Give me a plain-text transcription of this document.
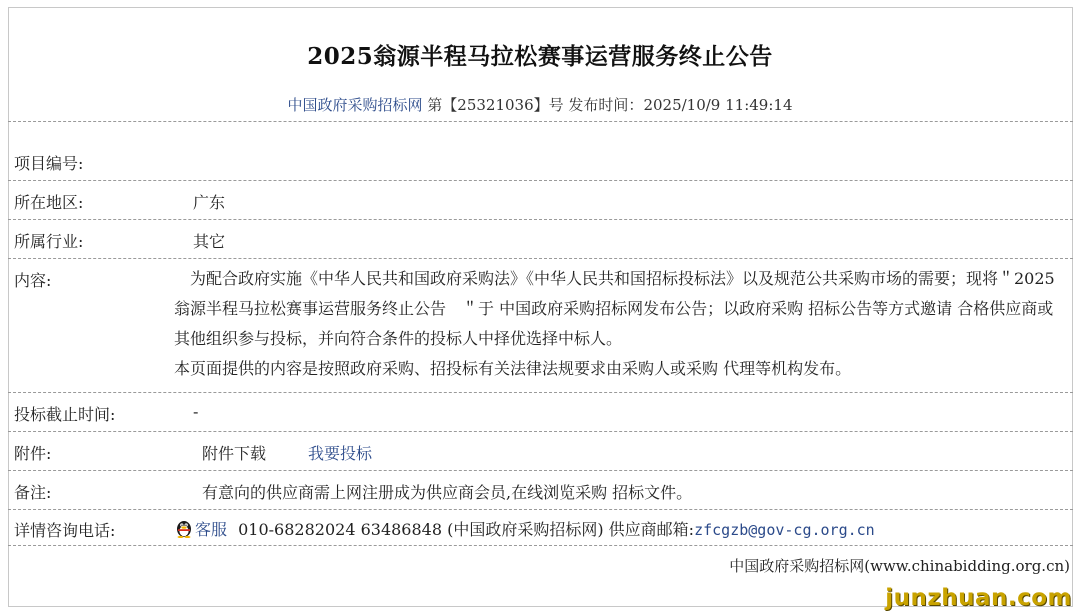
2025翁源半程马拉松赛事运营服务终止公告
中国政府采购招标网 第【25321036】号 发布时间：2025/10/9 11:49:14
项目编号:
所在地区:	广东
所属行业:	其它
内容:	　为配合政府实施《中华人民共和国政府采购法》《中华人民共和国招标投标法》以及规范公共采购市场的需要；现将＂2025翁源半程马拉松赛事运营服务终止公告　＂于 中国政府采购招标网发布公告；以政府采购 招标公告等方式邀请 合格供应商或其他组织参与投标，并向符合条件的投标人中择优选择中标人。

本页面提供的内容是按照政府采购、招投标有关法律法规要求由采购人或采购 代理等机构发布。

投标截止时间:	-
附件:	附件下载	我要投标
备注:	有意向的供应商需上网注册成为供应商会员,在线浏览采购 招标文件。
详情咨询电话:	客服 010-68282024 63486848 (中国政府采购招标网) 供应商邮箱:zfcgzb@gov-cg.org.cn
中国政府采购招标网(www.chinabidding.org.cn)
junzhuan.com
